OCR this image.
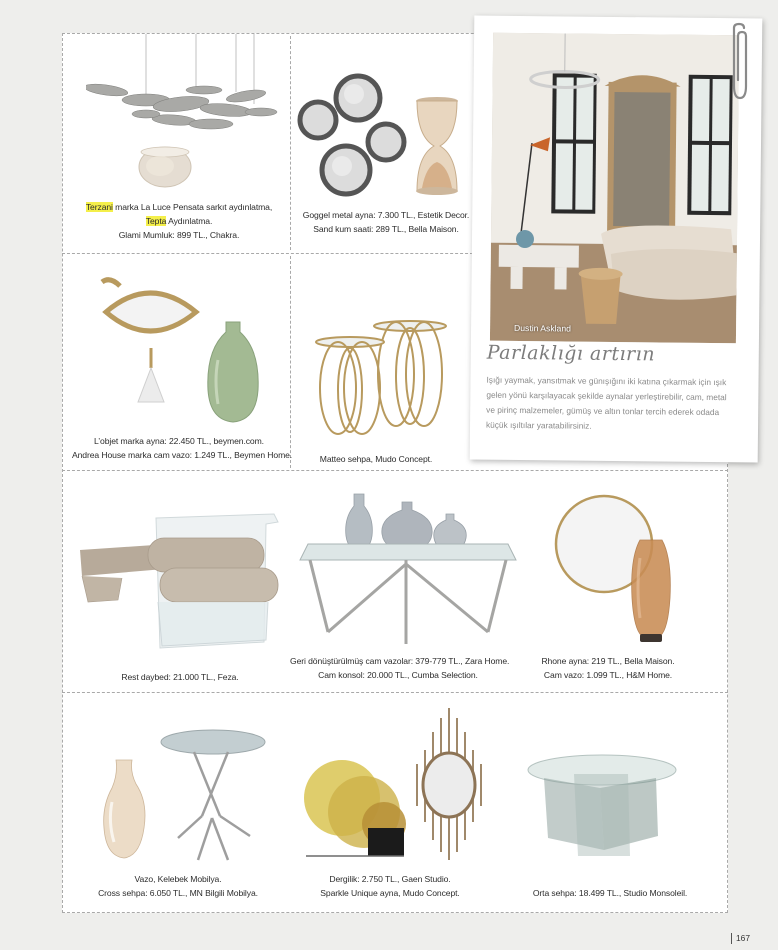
Terzani marka La Luce Pensata sarkıt aydınlatma,
Tepta Aydınlatma.
Glami Mumluk: 899 TL., Chakra.
Goggel metal ayna: 7.300 TL., Estetik Decor.
Sand kum saati: 289 TL., Bella Maison.
L’objet marka ayna: 22.450 TL., beymen.com.
Andrea House marka cam vazo: 1.249 TL., Beymen Home.	Matteo sehpa, Mudo Concept.
Rest daybed: 21.000 TL., Feza.
Geri dönüştürülmüş cam vazolar: 379-779 TL., Zara Home.
Cam konsol: 20.000 TL., Cumba Selection.
Rhone ayna: 219 TL., Bella Maison.
Cam vazo: 1.099 TL., H&M Home.
Vazo, Kelebek Mobilya.
Cross sehpa: 6.050 TL., MN Bilgili Mobilya.
Dergilik: 2.750 TL., Gaen Studio.
Sparkle Unique ayna, Mudo Concept.	Orta sehpa: 18.499 TL., Studio Monsoleil.
Dustin Askland
Parlaklığı artırın
Işığı yaymak, yansıtmak ve günışığını iki katına çıkarmak için ışık gelen yönü karşılayacak şekilde aynalar yerleştirebilir, cam, metal ve pirinç malzemeler, gümüş ve altın tonlar tercih ederek odada küçük ışıltılar yaratabilirsiniz.
167
